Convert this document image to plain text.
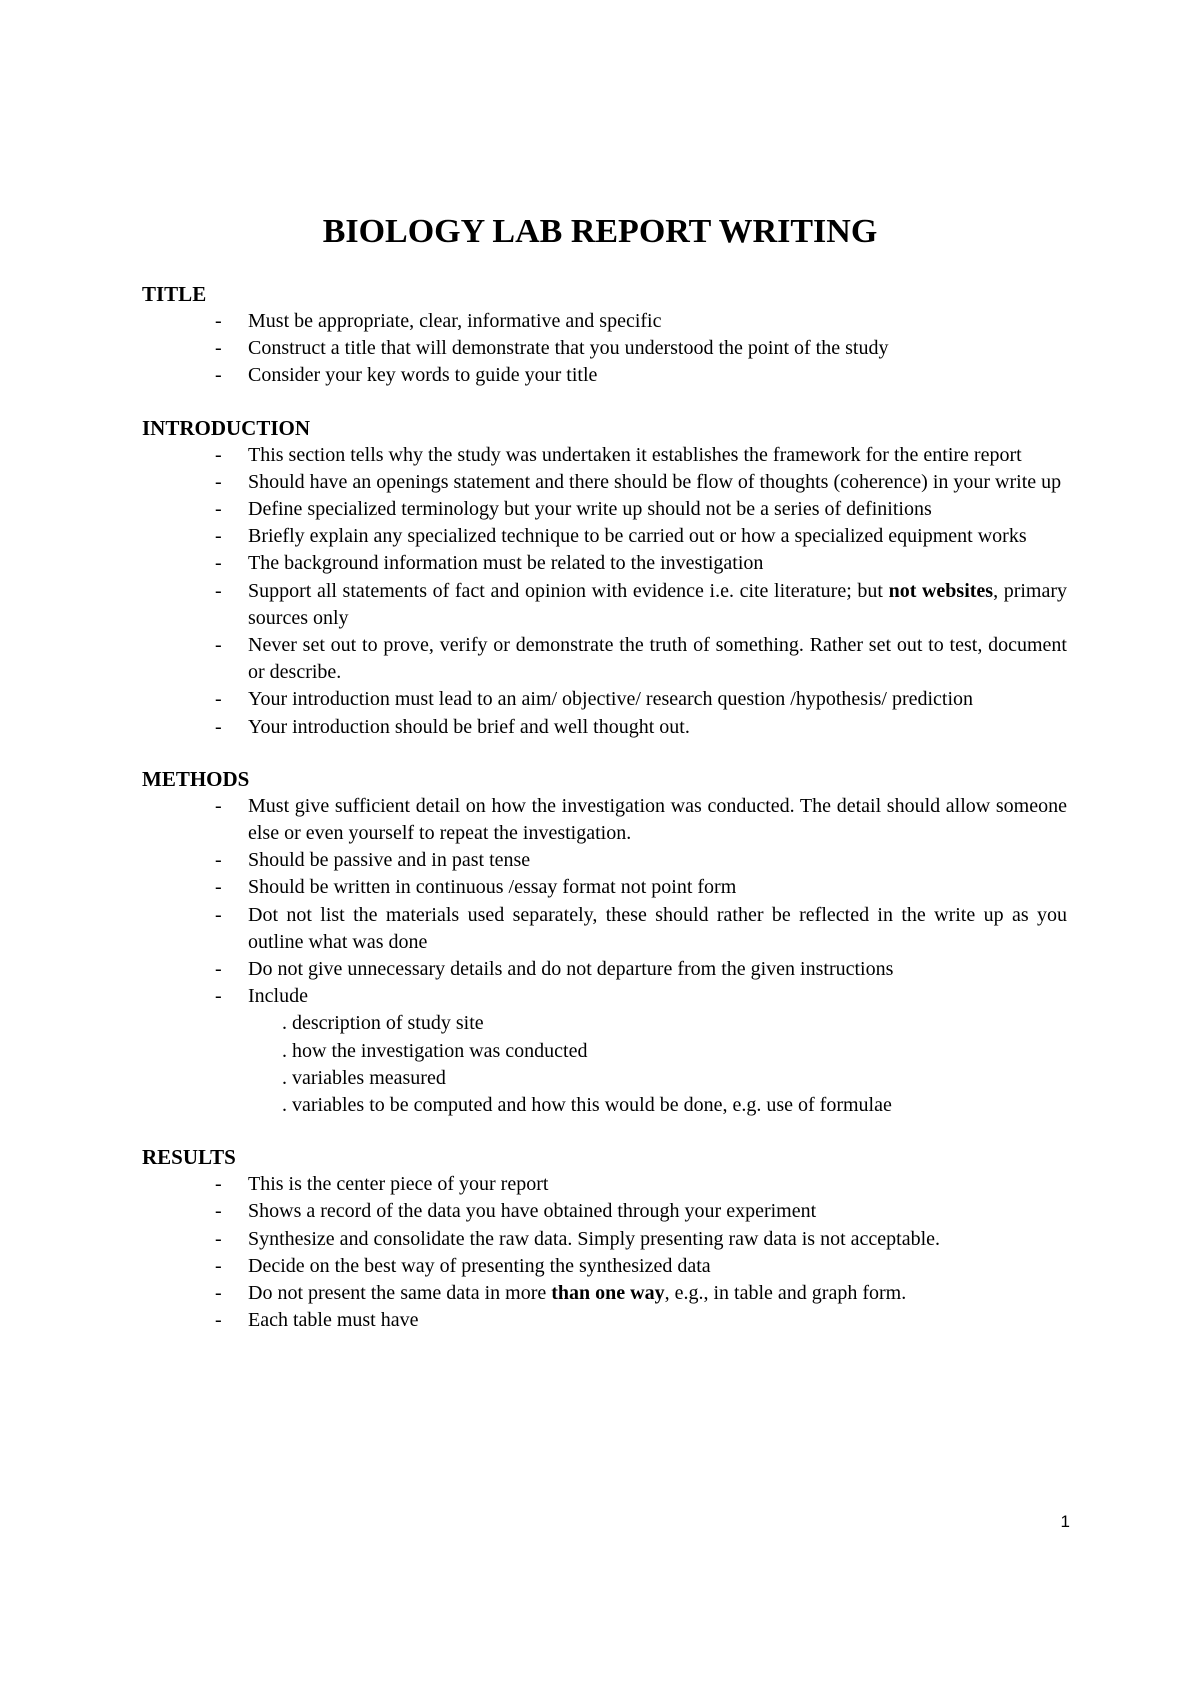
BIOLOGY LAB REPORT WRITING
TITLE
- Must be appropriate, clear, informative and specific
- Construct a title that will demonstrate that you understood the point of the study
- Consider your key words to guide your title
INTRODUCTION
- This section tells why the study was undertaken it establishes the framework for the entire report
- Should have an openings statement and there should be flow of thoughts (coherence) in your write up
- Define specialized terminology but your write up should not be a series of definitions
- Briefly explain any specialized technique to be carried out or how a specialized equipment works
- The background information must be related to the investigation
- Support all statements of fact and opinion with evidence i.e. cite literature; but not websites, primary sources only
- Never set out to prove, verify or demonstrate the truth of something. Rather set out to test, document or describe.
- Your introduction must lead to an aim/ objective/ research question /hypothesis/ prediction
- Your introduction should be brief and well thought out.
METHODS
- Must give sufficient detail on how the investigation was conducted. The detail should allow someone else or even yourself to repeat the investigation.
- Should be passive and in past tense
- Should be written in continuous /essay format not point form
- Dot not list the materials used separately, these should rather be reflected in the write up as you outline what was done
- Do not give unnecessary details and do not departure from the given instructions
- Include
. description of study site
. how the investigation was conducted
. variables measured
. variables to be computed and how this would be done, e.g. use of formulae
RESULTS
- This is the center piece of your report
- Shows a record of the data you have obtained through your experiment
- Synthesize and consolidate the raw data. Simply presenting raw data is not acceptable.
- Decide on the best way of presenting the synthesized data
- Do not present the same data in more than one way, e.g., in table and graph form.
- Each table must have
1
